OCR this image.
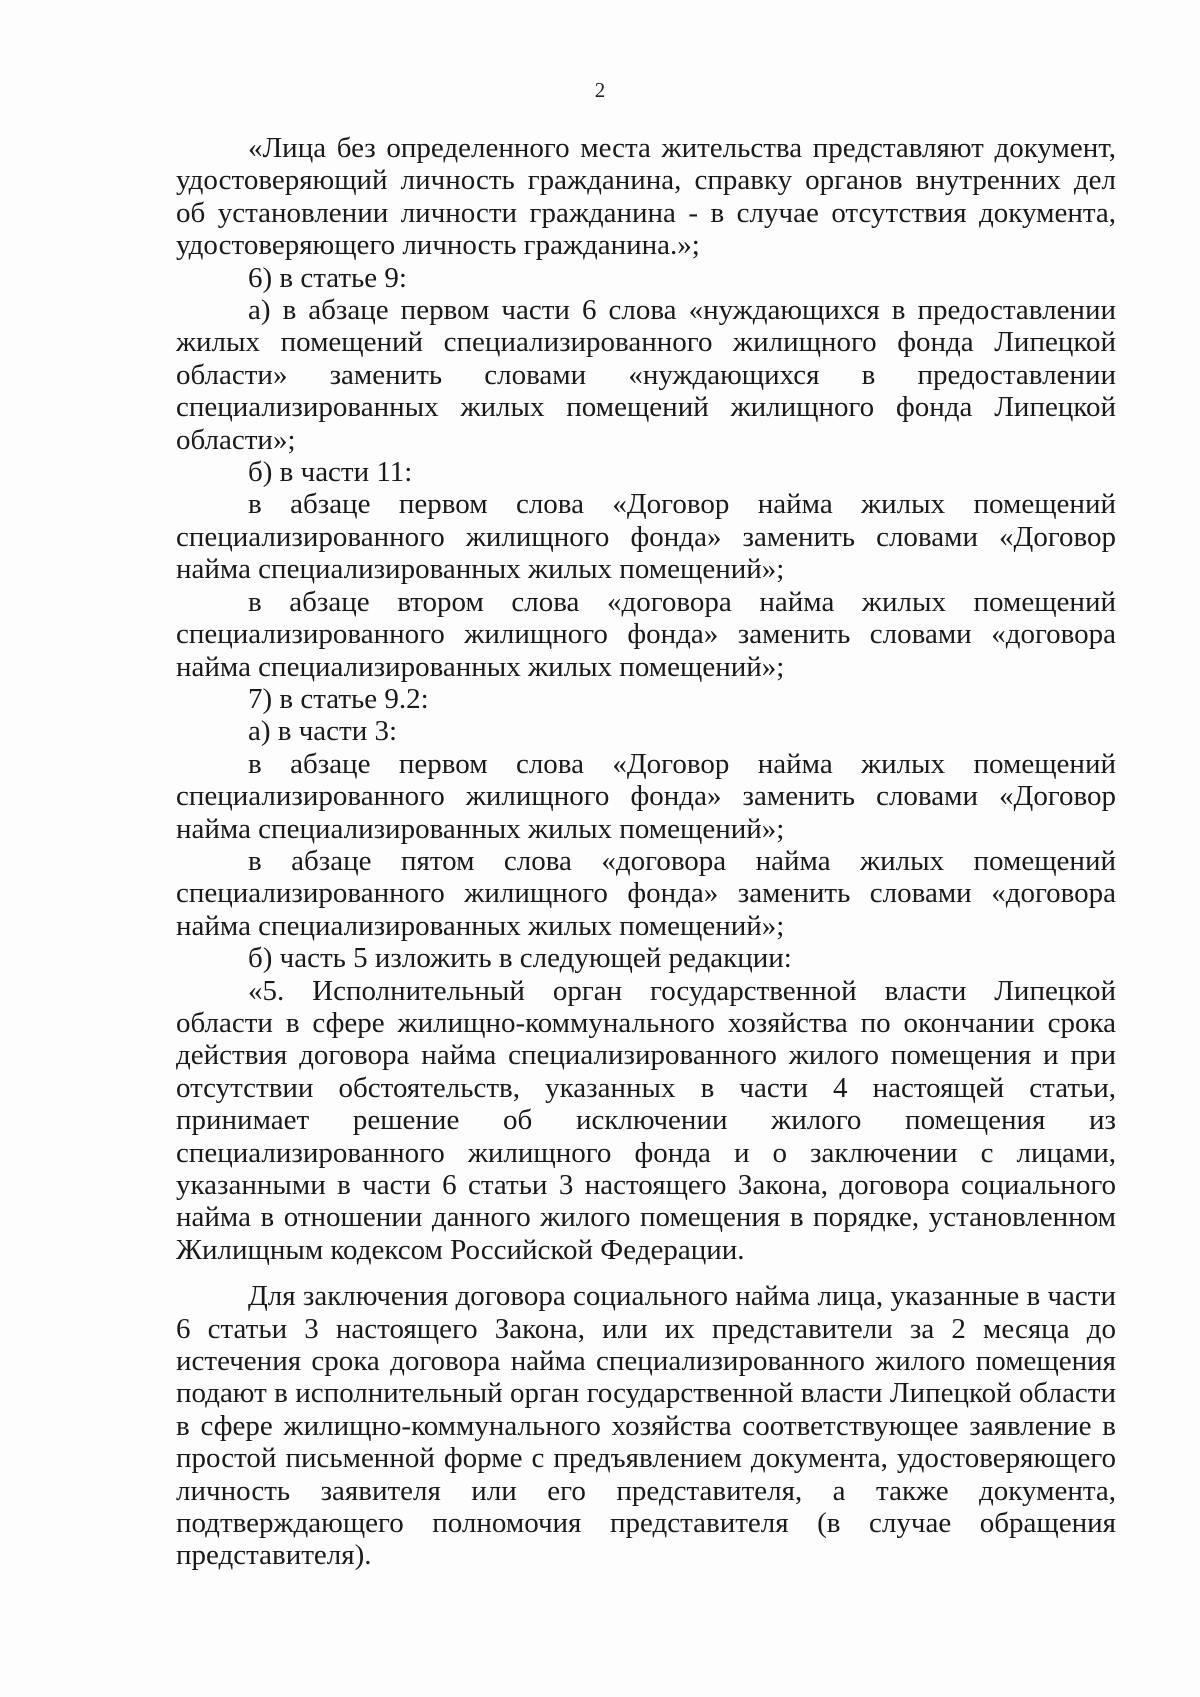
2

«Лица без определенного места жительства представляют документ, удостоверяющий личность гражданина, справку органов внутренних дел об установлении личности гражданина - в случае отсутствия документа, удостоверяющего личность гражданина.»;

6) в статье 9:

а) в абзаце первом части 6 слова «нуждающихся в предоставлении жилых помещений специализированного жилищного фонда Липецкой области» заменить словами «нуждающихся в предоставлении специализированных жилых помещений жилищного фонда Липецкой области»;

б) в части 11:

в абзаце первом слова «Договор найма жилых помещений специализированного жилищного фонда» заменить словами «Договор найма специализированных жилых помещений»;

в абзаце втором слова «договора найма жилых помещений специализированного жилищного фонда» заменить словами «договора найма специализированных жилых помещений»;

7) в статье 9.2:

а) в части 3:

в абзаце первом слова «Договор найма жилых помещений специализированного жилищного фонда» заменить словами «Договор найма специализированных жилых помещений»;

в абзаце пятом слова «договора найма жилых помещений специализированного жилищного фонда» заменить словами «договора найма специализированных жилых помещений»;

б) часть 5 изложить в следующей редакции:

«5. Исполнительный орган государственной власти Липецкой области в сфере жилищно-коммунального хозяйства по окончании срока действия договора найма специализированного жилого помещения и при отсутствии обстоятельств, указанных в части 4 настоящей статьи, принимает решение об исключении жилого помещения из специализированного жилищного фонда и о заключении с лицами, указанными в части 6 статьи 3 настоящего Закона, договора социального найма в отношении данного жилого помещения в порядке, установленном Жилищным кодексом Российской Федерации.

Для заключения договора социального найма лица, указанные в части 6 статьи 3 настоящего Закона, или их представители за 2 месяца до истечения срока договора найма специализированного жилого помещения подают в исполнительный орган государственной власти Липецкой области в сфере жилищно-коммунального хозяйства соответствующее заявление в простой письменной форме с предъявлением документа, удостоверяющего личность заявителя или его представителя, а также документа, подтверждающего полномочия представителя (в случае обращения представителя).
